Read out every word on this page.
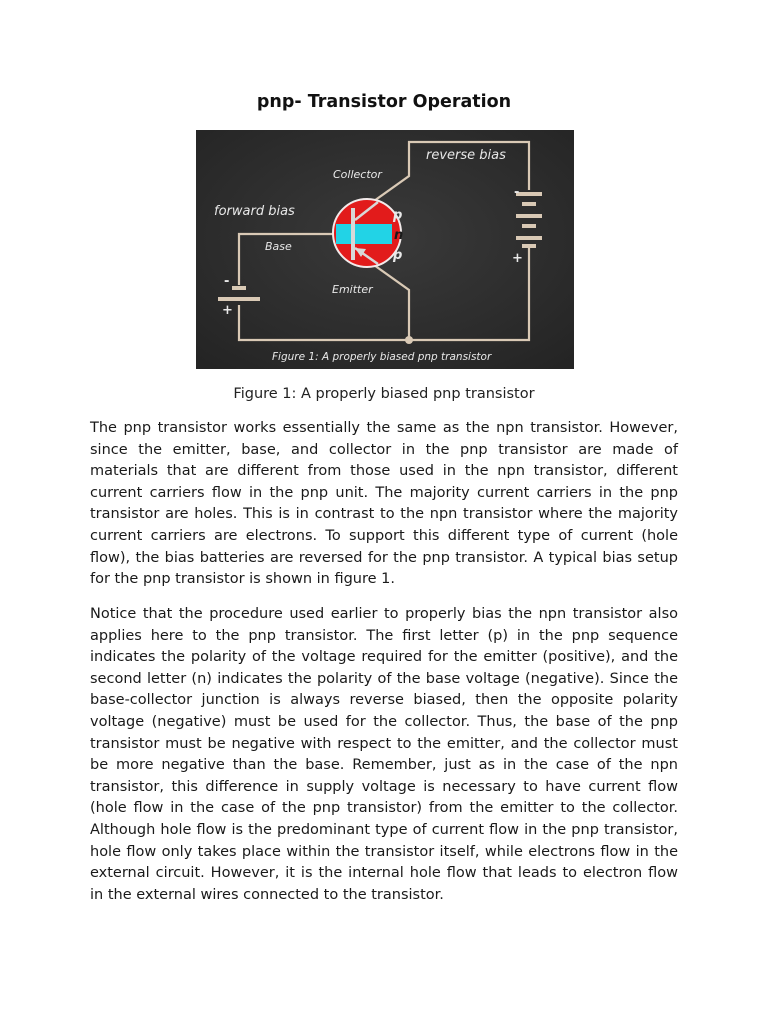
pnp- Transistor Operation
reverse bias
Collector
forward bias
Base
Emitter
p
n
p
-
+
-
+
Figure 1: A properly biased pnp transistor
Figure 1: A properly biased pnp transistor

The pnp transistor works essentially the same as the npn transistor. However, since the emitter, base, and collector in the pnp transistor are made of materials that are different from those used in the npn transistor, different current carriers flow in the pnp unit. The majority current carriers in the pnp transistor are holes. This is in contrast to the npn transistor where the majority current carriers are electrons. To support this different type of current (hole flow), the bias batteries are reversed for the pnp transistor. A typical bias setup for the pnp transistor is shown in figure 1.

Notice that the procedure used earlier to properly bias the npn transistor also applies here to the pnp transistor. The first letter (p) in the pnp sequence indicates the polarity of the voltage required for the emitter (positive), and the second letter (n) indicates the polarity of the base voltage (negative). Since the base-collector junction is always reverse biased, then the opposite polarity voltage (negative) must be used for the collector. Thus, the base of the pnp transistor must be negative with respect to the emitter, and the collector must be more negative than the base. Remember, just as in the case of the npn transistor, this difference in supply voltage is necessary to have current flow (hole flow in the case of the pnp transistor) from the emitter to the collector. Although hole flow is the predominant type of current flow in the pnp transistor, hole flow only takes place within the transistor itself, while electrons flow in the external circuit. However, it is the internal hole flow that leads to electron flow in the external wires connected to the transistor.
